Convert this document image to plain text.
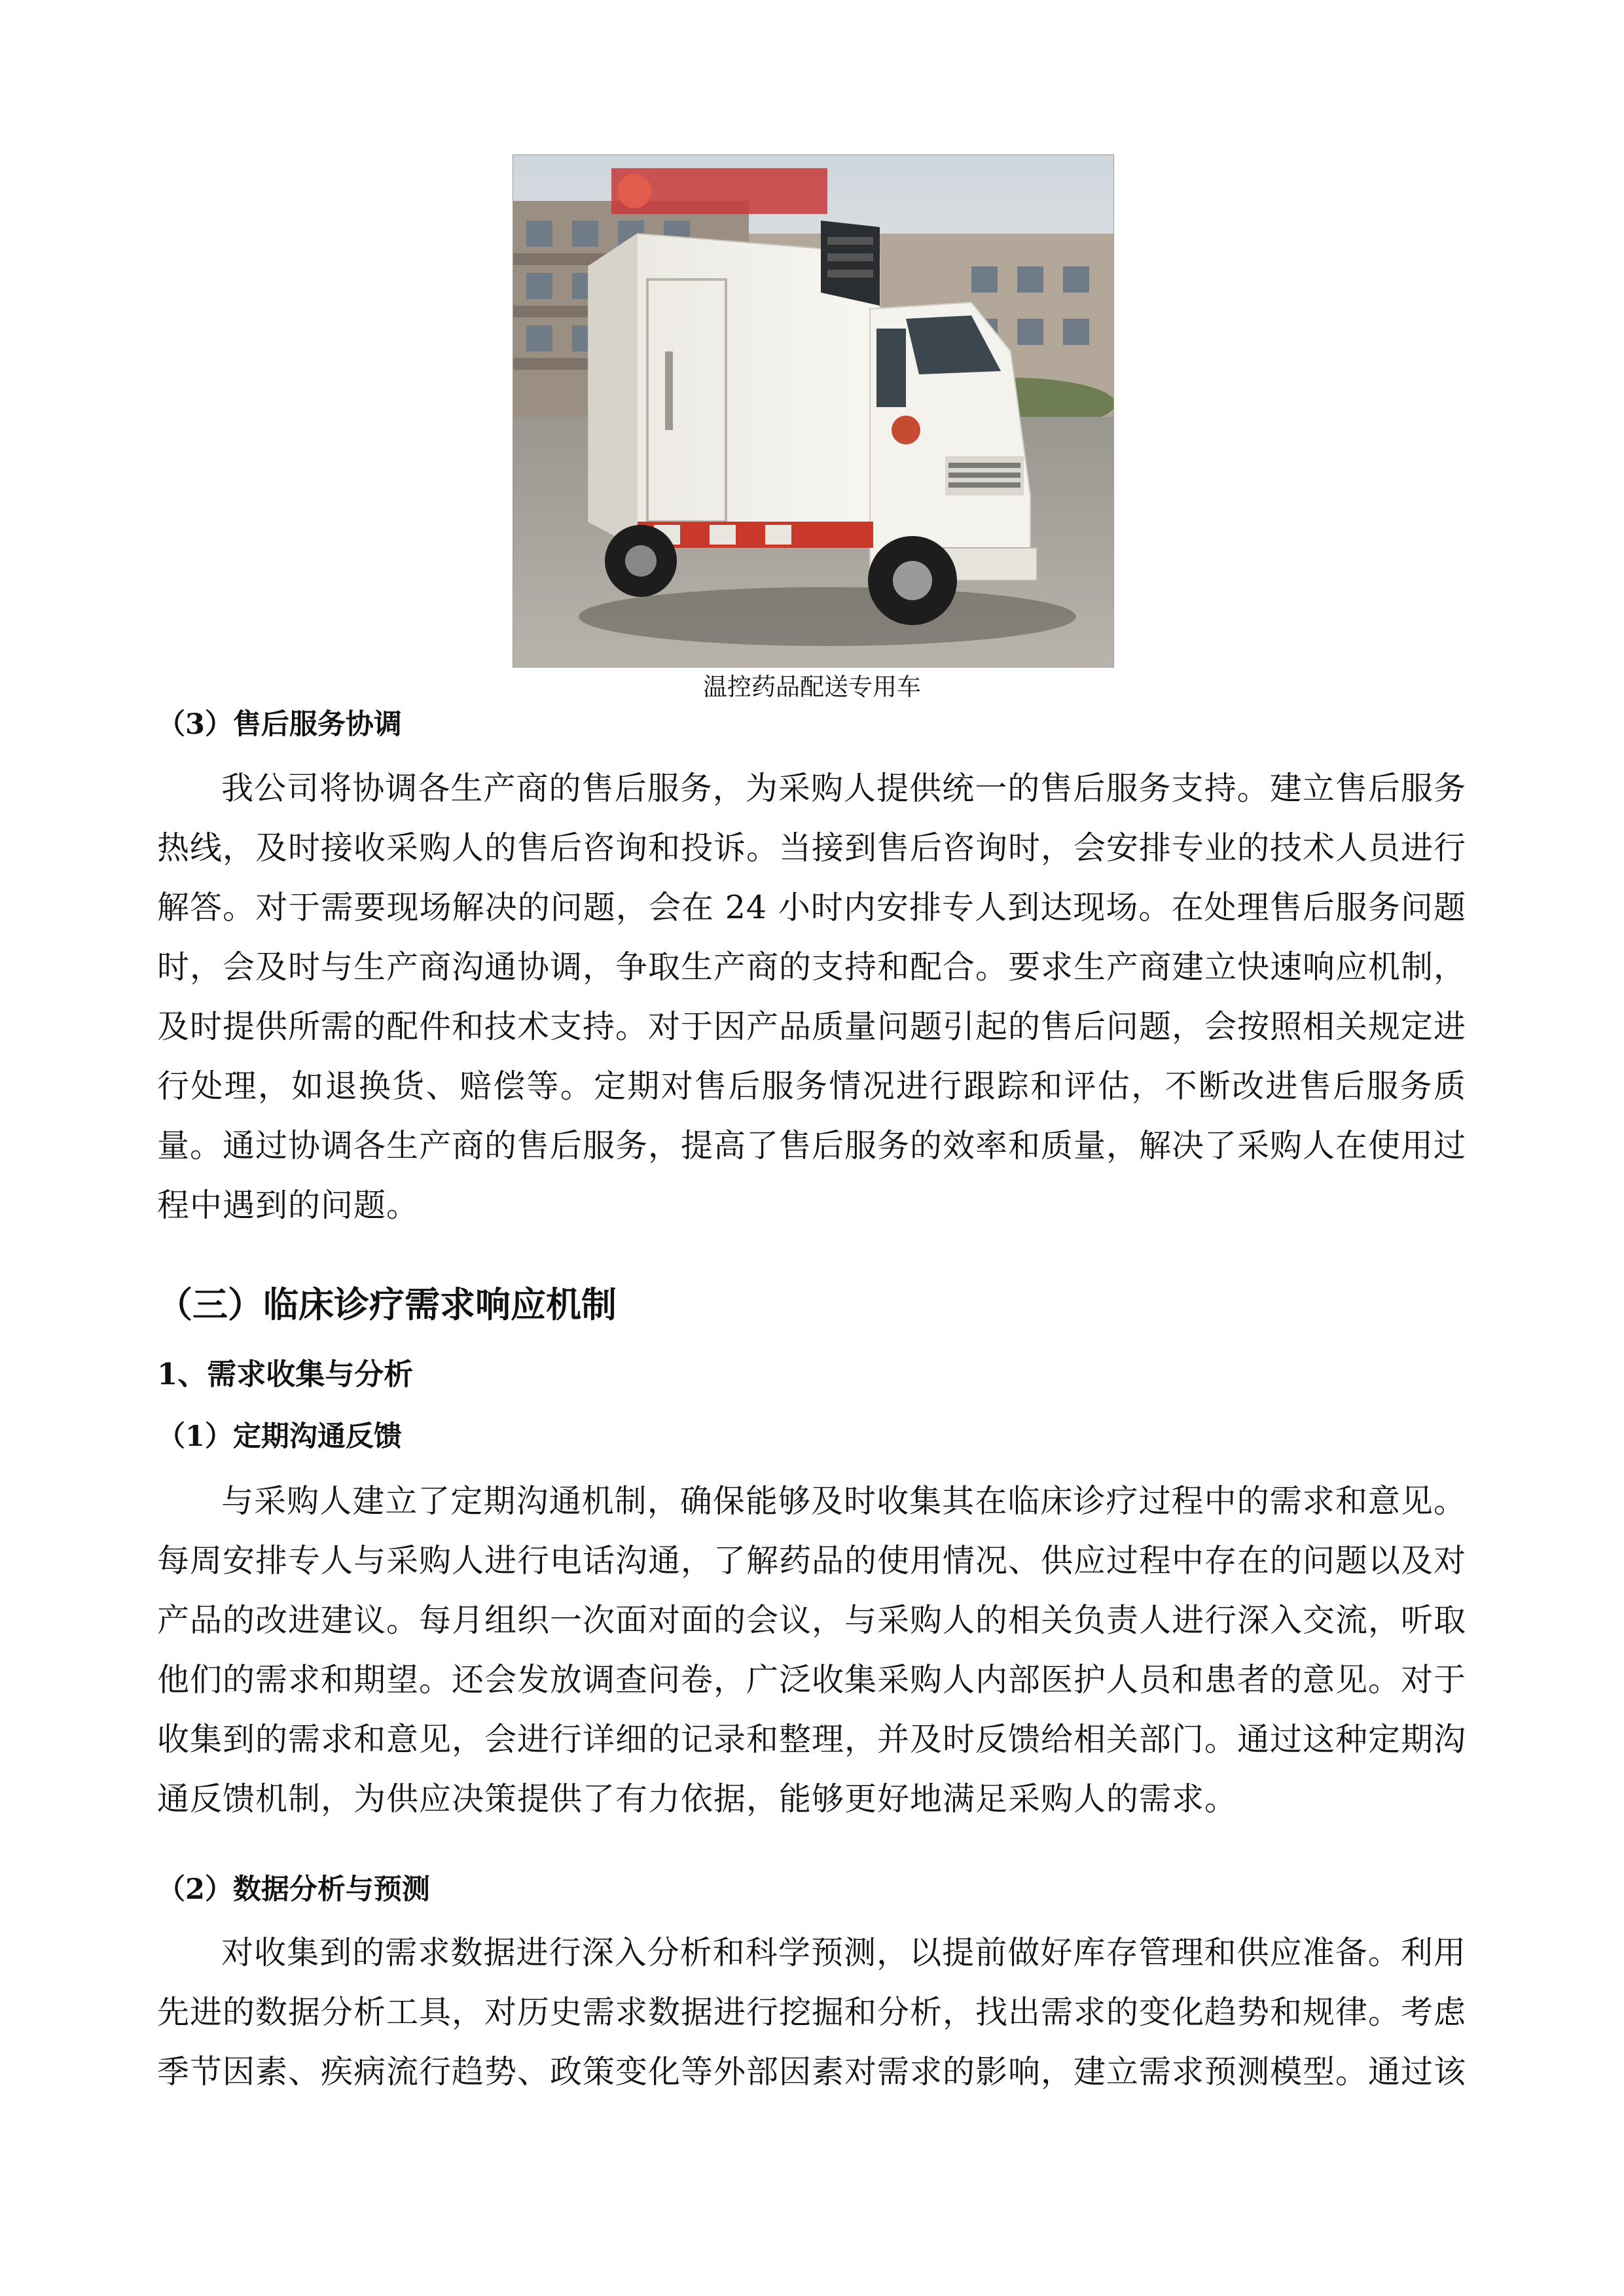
温控药品配送专用车
（3）售后服务协调

我公司将协调各生产商的售后服务，为采购人提供统一的售后服务支持。建立售后服务热线，及时接收采购人的售后咨询和投诉。当接到售后咨询时，会安排专业的技术人员进行解答。对于需要现场解决的问题，会在 24 小时内安排专人到达现场。在处理售后服务问题时，会及时与生产商沟通协调，争取生产商的支持和配合。要求生产商建立快速响应机制，及时提供所需的配件和技术支持。对于因产品质量问题引起的售后问题，会按照相关规定进行处理，如退换货、赔偿等。定期对售后服务情况进行跟踪和评估，不断改进售后服务质量。通过协调各生产商的售后服务，提高了售后服务的效率和质量，解决了采购人在使用过程中遇到的问题。

（三）临床诊疗需求响应机制
1、需求收集与分析
（1）定期沟通反馈

与采购人建立了定期沟通机制，确保能够及时收集其在临床诊疗过程中的需求和意见。每周安排专人与采购人进行电话沟通，了解药品的使用情况、供应过程中存在的问题以及对产品的改进建议。每月组织一次面对面的会议，与采购人的相关负责人进行深入交流，听取他们的需求和期望。还会发放调查问卷，广泛收集采购人内部医护人员和患者的意见。对于收集到的需求和意见，会进行详细的记录和整理，并及时反馈给相关部门。通过这种定期沟通反馈机制，为供应决策提供了有力依据，能够更好地满足采购人的需求。

（2）数据分析与预测

对收集到的需求数据进行深入分析和科学预测，以提前做好库存管理和供应准备。利用先进的数据分析工具，对历史需求数据进行挖掘和分析，找出需求的变化趋势和规律。考虑季节因素、疾病流行趋势、政策变化等外部因素对需求的影响，建立需求预测模型。通过该
